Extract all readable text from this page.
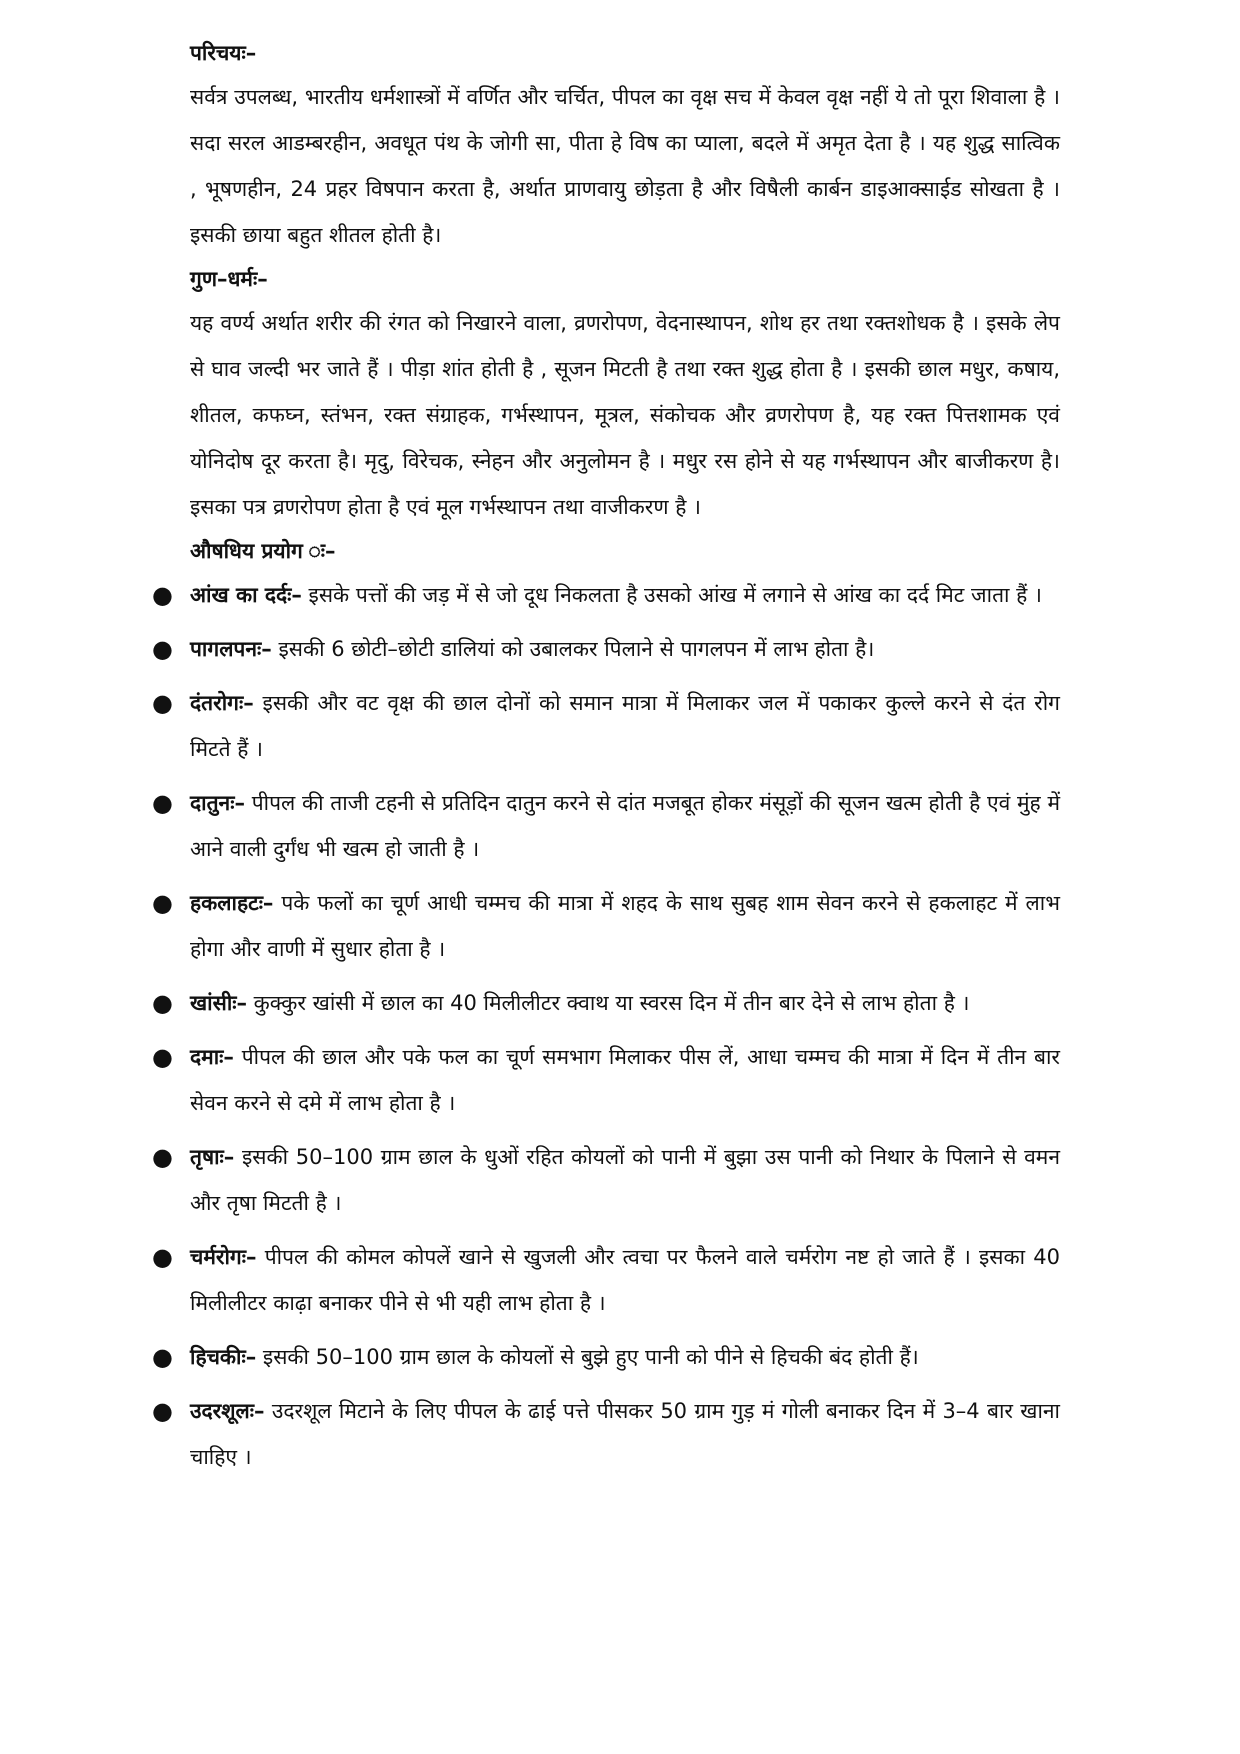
परिचयः–

सर्वत्र उपलब्ध, भारतीय धर्मशास्त्रों में वर्णित और चर्चित, पीपल का वृक्ष सच में केवल वृक्ष नहीं ये तो पूरा शिवाला है । सदा सरल आडम्बरहीन, अवधूत पंथ के जोगी सा, पीता हे विष का प्याला, बदले में अमृत देता है । यह शुद्ध सात्विक , भूषणहीन, 24 प्रहर विषपान करता है, अर्थात प्राणवायु छोड़ता है और विषैली कार्बन डाइआक्साईड सोखता है । इसकी छाया बहुत शीतल होती है।

गुण–धर्मः–

यह वर्ण्य अर्थात शरीर की रंगत को निखारने वाला, व्रणरोपण, वेदनास्थापन, शोथ हर तथा रक्तशोधक है । इसके लेप से घाव जल्दी भर जाते हैं । पीड़ा शांत होती है , सूजन मिटती है तथा रक्त शुद्ध होता है । इसकी छाल मधुर, कषाय, शीतल, कफघ्न, स्तंभन, रक्त संग्राहक, गर्भस्थापन, मूत्रल, संकोचक और व्रणरोपण है, यह रक्त पित्तशामक एवं योनिदोष दूर करता है। मृदु, विरेचक, स्नेहन और अनुलोमन है । मधुर रस होने से यह गर्भस्थापन और बाजीकरण है। इसका पत्र व्रणरोपण होता है एवं मूल गर्भस्थापन तथा वाजीकरण है ।

औषधिय प्रयोग ः–
● आंख का दर्दः– इसके पत्तों की जड़ में से जो दूध निकलता है उसको आंख में लगाने से आंख का दर्द मिट जाता हैं ।
● पागलपनः– इसकी 6 छोटी–छोटी डालियां को उबालकर पिलाने से पागलपन में लाभ होता है।
● दंतरोगः– इसकी और वट वृक्ष की छाल दोनों को समान मात्रा में मिलाकर जल में पकाकर कुल्ले करने से दंत रोग मिटते हैं ।
● दातुनः– पीपल की ताजी टहनी से प्रतिदिन दातुन करने से दांत मजबूत होकर मंसूड़ों की सूजन खत्म होती है एवं मुंह में आने वाली दुर्गंध भी खत्म हो जाती है ।
● हकलाहटः– पके फलों का चूर्ण आधी चम्मच की मात्रा में शहद के साथ सुबह शाम सेवन करने से हकलाहट में लाभ होगा और वाणी में सुधार होता है ।
● खांसीः– कुक्कुर खांसी में छाल का 40 मिलीलीटर क्वाथ या स्वरस दिन में तीन बार देने से लाभ होता है ।
● दमाः– पीपल की छाल और पके फल का चूर्ण समभाग मिलाकर पीस लें, आधा चम्मच की मात्रा में दिन में तीन बार सेवन करने से दमे में लाभ होता है ।
● तृषाः– इसकी 50–100 ग्राम छाल के धुओं रहित कोयलों को पानी में बुझा उस पानी को निथार के पिलाने से वमन और तृषा मिटती है ।
● चर्मरोगः– पीपल की कोमल कोपलें खाने से खुजली और त्वचा पर फैलने वाले चर्मरोग नष्ट हो जाते हैं । इसका 40 मिलीलीटर काढ़ा बनाकर पीने से भी यही लाभ होता है ।
● हिचकीः– इसकी 50–100 ग्राम छाल के कोयलों से बुझे हुए पानी को पीने से हिचकी बंद होती हैं।
● उदरशूलः– उदरशूल मिटाने के लिए पीपल के ढाई पत्ते पीसकर 50 ग्राम गुड़ मं गोली बनाकर दिन में 3–4 बार खाना चाहिए ।
